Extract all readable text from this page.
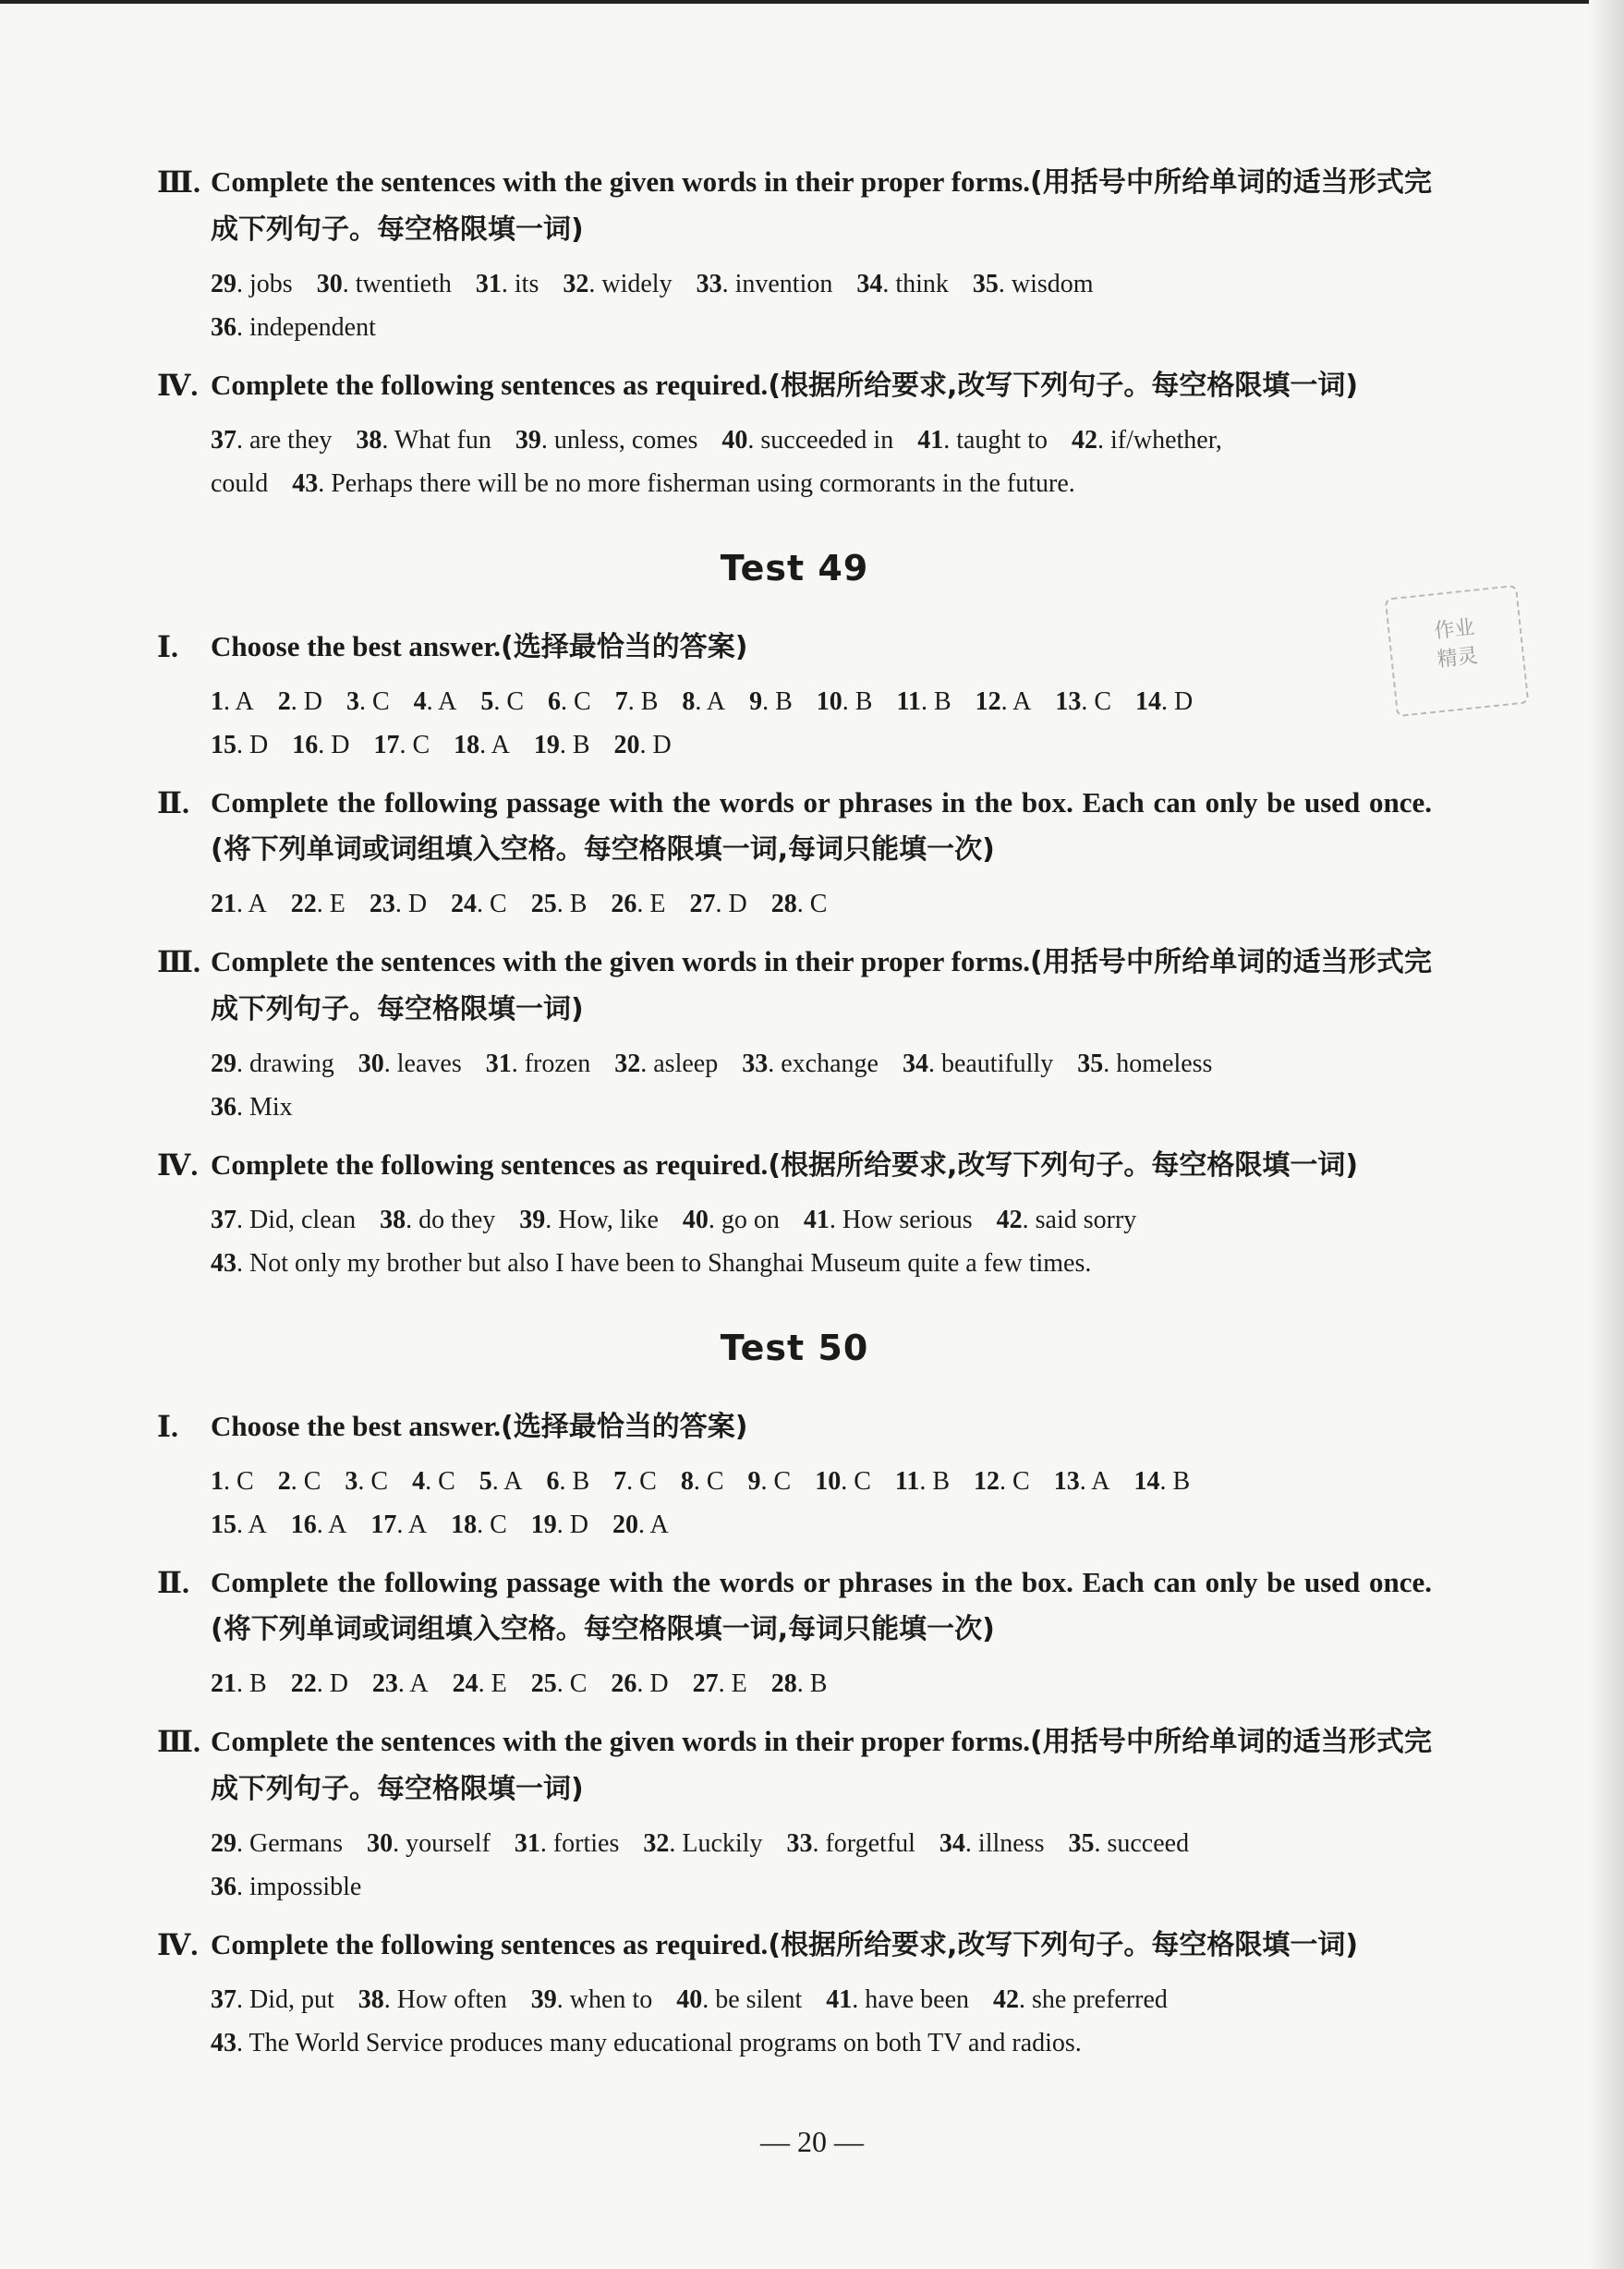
Ⅲ. Complete the sentences with the given words in their proper forms.(用括号中所给单词的适当形式完成下列句子。每空格限填一词)
29. jobs 30. twentieth 31. its 32. widely 33. invention 34. think 35. wisdom
36. independent
Ⅳ. Complete the following sentences as required.(根据所给要求,改写下列句子。每空格限填一词)
37. are they 38. What fun 39. unless, comes 40. succeeded in 41. taught to 42. if/whether,
could 43. Perhaps there will be no more fisherman using cormorants in the future.
Test 49
Ⅰ.	Choose the best answer.(选择最恰当的答案)
1. A 2. D 3. C 4. A 5. C 6. C 7. B 8. A 9. B 10. B 11. B 12. A 13. C 14. D
15. D 16. D 17. C 18. A 19. B 20. D
Ⅱ. Complete the following passage with the words or phrases in the box. Each can only be used once.(将下列单词或词组填入空格。每空格限填一词,每词只能填一次)
21. A 22. E 23. D 24. C 25. B 26. E 27. D 28. C
Ⅲ. Complete the sentences with the given words in their proper forms.(用括号中所给单词的适当形式完成下列句子。每空格限填一词)
29. drawing 30. leaves 31. frozen 32. asleep 33. exchange 34. beautifully 35. homeless
36. Mix
Ⅳ. Complete the following sentences as required.(根据所给要求,改写下列句子。每空格限填一词)
37. Did, clean 38. do they 39. How, like 40. go on 41. How serious 42. said sorry
43. Not only my brother but also I have been to Shanghai Museum quite a few times.
Test 50
Ⅰ.	Choose the best answer.(选择最恰当的答案)
1. C 2. C 3. C 4. C 5. A 6. B 7. C 8. C 9. C 10. C 11. B 12. C 13. A 14. B
15. A 16. A 17. A 18. C 19. D 20. A
Ⅱ. Complete the following passage with the words or phrases in the box. Each can only be used once.(将下列单词或词组填入空格。每空格限填一词,每词只能填一次)
21. B 22. D 23. A 24. E 25. C 26. D 27. E 28. B
Ⅲ. Complete the sentences with the given words in their proper forms.(用括号中所给单词的适当形式完成下列句子。每空格限填一词)
29. Germans 30. yourself 31. forties 32. Luckily 33. forgetful 34. illness 35. succeed
36. impossible
Ⅳ. Complete the following sentences as required.(根据所给要求,改写下列句子。每空格限填一词)
37. Did, put 38. How often 39. when to 40. be silent 41. have been 42. she preferred
43. The World Service produces many educational programs on both TV and radios.
作业
精灵
— 20 —
